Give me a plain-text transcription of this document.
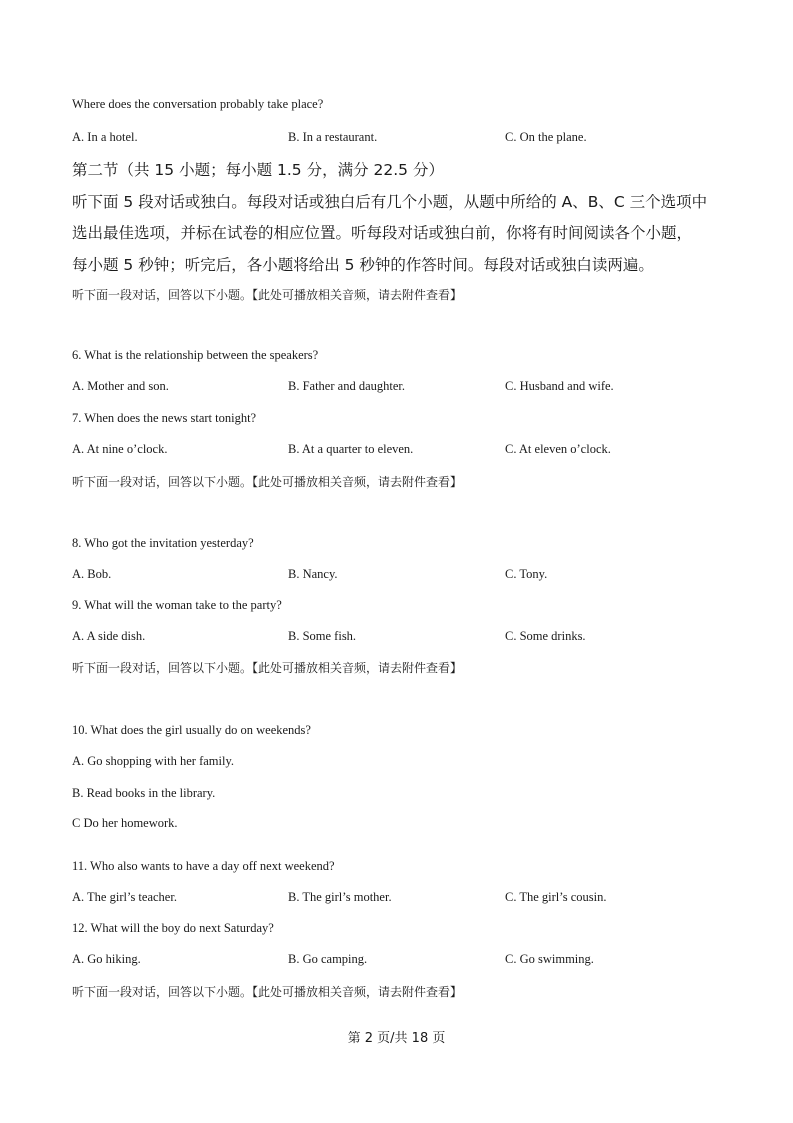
Where does the conversation probably take place?
A. In a hotel.	B. In a restaurant.	C. On the plane.
第二节（共 15 小题；每小题 1.5 分，满分 22.5 分）
听下面 5 段对话或独白。每段对话或独白后有几个小题，从题中所给的 A、B、C 三个选项中
选出最佳选项，并标在试卷的相应位置。听每段对话或独白前，你将有时间阅读各个小题，
每小题 5 秒钟；听完后，各小题将给出 5 秒钟的作答时间。每段对话或独白读两遍。
听下面一段对话，回答以下小题。【此处可播放相关音频，请去附件查看】
6. What is the relationship between the speakers?
A. Mother and son.	B. Father and daughter.	C. Husband and wife.
7. When does the news start tonight?
A. At nine o’clock.	B. At a quarter to eleven.	C. At eleven o’clock.
听下面一段对话，回答以下小题。【此处可播放相关音频，请去附件查看】
8. Who got the invitation yesterday?
A. Bob.	B. Nancy.	C. Tony.
9. What will the woman take to the party?
A. A side dish.	B. Some fish.	C. Some drinks.
听下面一段对话，回答以下小题。【此处可播放相关音频，请去附件查看】
10. What does the girl usually do on weekends?
A. Go shopping with her family.
B. Read books in the library.
C Do her homework.
11. Who also wants to have a day off next weekend?
A. The girl’s teacher.	B. The girl’s mother.	C. The girl’s cousin.
12. What will the boy do next Saturday?
A. Go hiking.	B. Go camping.	C. Go swimming.
听下面一段对话，回答以下小题。【此处可播放相关音频，请去附件查看】
第 2 页/共 18 页
